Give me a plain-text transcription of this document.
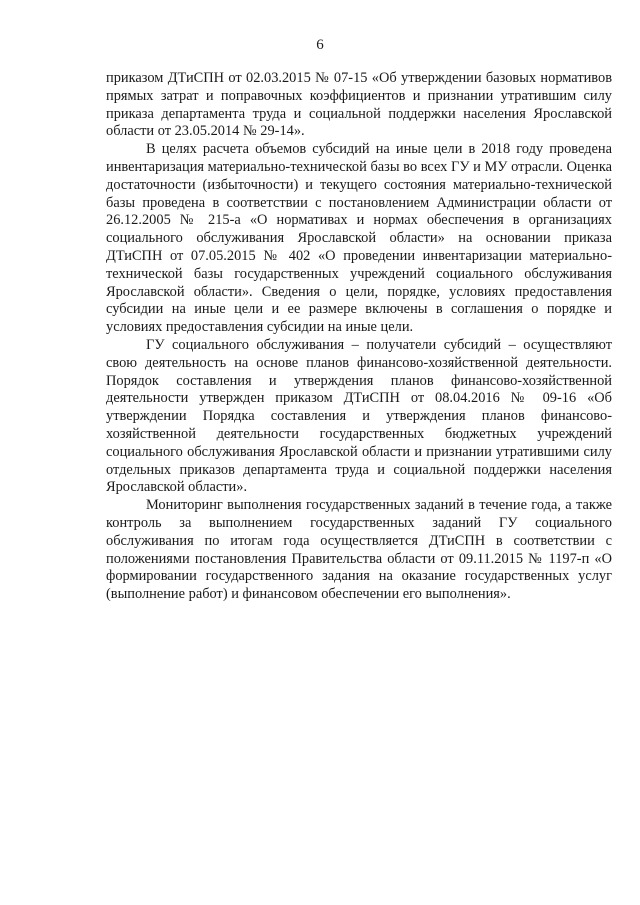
6

приказом ДТиСПН от 02.03.2015 № 07-15 «Об утверждении базовых нормативов прямых затрат и поправочных коэффициентов и признании утратившим силу приказа департамента труда и социальной поддержки населения Ярославской области от 23.05.2014 № 29-14».

В целях расчета объемов субсидий на иные цели в 2018 году проведена инвентаризация материально-технической базы во всех ГУ и МУ отрасли. Оценка достаточности (избыточности) и текущего состояния материально-технической базы проведена в соответствии с постановлением Администрации области от 26.12.2005 № 215-а «О нормативах и нормах обеспечения в организациях социального обслуживания Ярославской области» на основании приказа ДТиСПН от 07.05.2015 № 402 «О проведении инвентаризации материально-технической базы государственных учреждений социального обслуживания Ярославской области». Сведения о цели, порядке, условиях предоставления субсидии на иные цели и ее размере включены в соглашения о порядке и условиях предоставления субсидии на иные цели.

ГУ социального обслуживания – получатели субсидий – осуществляют свою деятельность на основе планов финансово-хозяйственной деятельности. Порядок составления и утверждения планов финансово-хозяйственной деятельности утвержден приказом ДТиСПН от 08.04.2016 № 09-16 «Об утверждении Порядка составления и утверждения планов финансово-хозяйственной деятельности государственных бюджетных учреждений социального обслуживания Ярославской области и признании утратившими силу отдельных приказов департамента труда и социальной поддержки населения Ярославской области».

Мониторинг выполнения государственных заданий в течение года, а также контроль за выполнением государственных заданий ГУ социального обслуживания по итогам года осуществляется ДТиСПН в соответствии с положениями постановления Правительства области от 09.11.2015 № 1197-п «О формировании государственного задания на оказание государственных услуг (выполнение работ) и финансовом обеспечении его выполнения».
